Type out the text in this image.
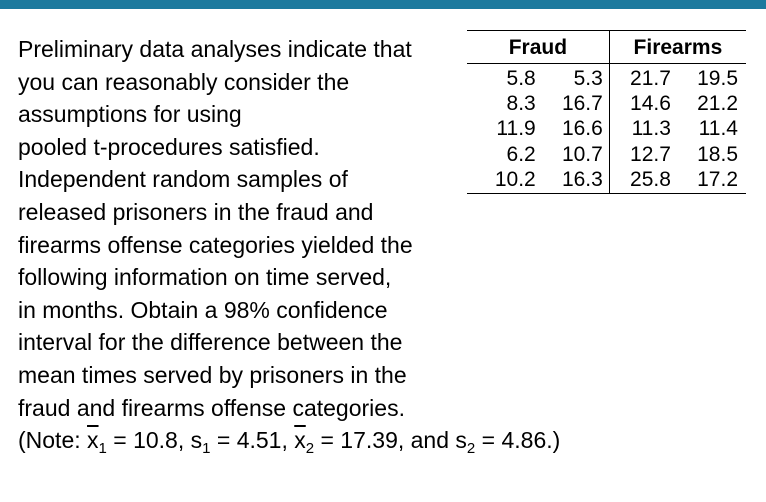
Preliminary data analyses indicate that
you can reasonably consider the
assumptions for using
pooled t-procedures satisfied.
Independent random samples of
released prisoners in the fraud and
firearms offense categories yielded the
following information on time served,
in months. Obtain a 98% confidence
interval for the difference between the
mean times served by prisoners in the
fraud and firearms offense categories.
(Note: $\overline{x}_1 = 10.8$, $s_1 = 4.51$, $\overline{x}_2 = 17.39$, and $s_2 = 4.86$.)
Fraud		Firearms	
5.8	5.3	21.7	19.5
8.3	16.7	14.6	21.2
11.9	16.6	11.3	11.4
6.2	10.7	12.7	18.5
10.2	16.3	25.8	17.2
